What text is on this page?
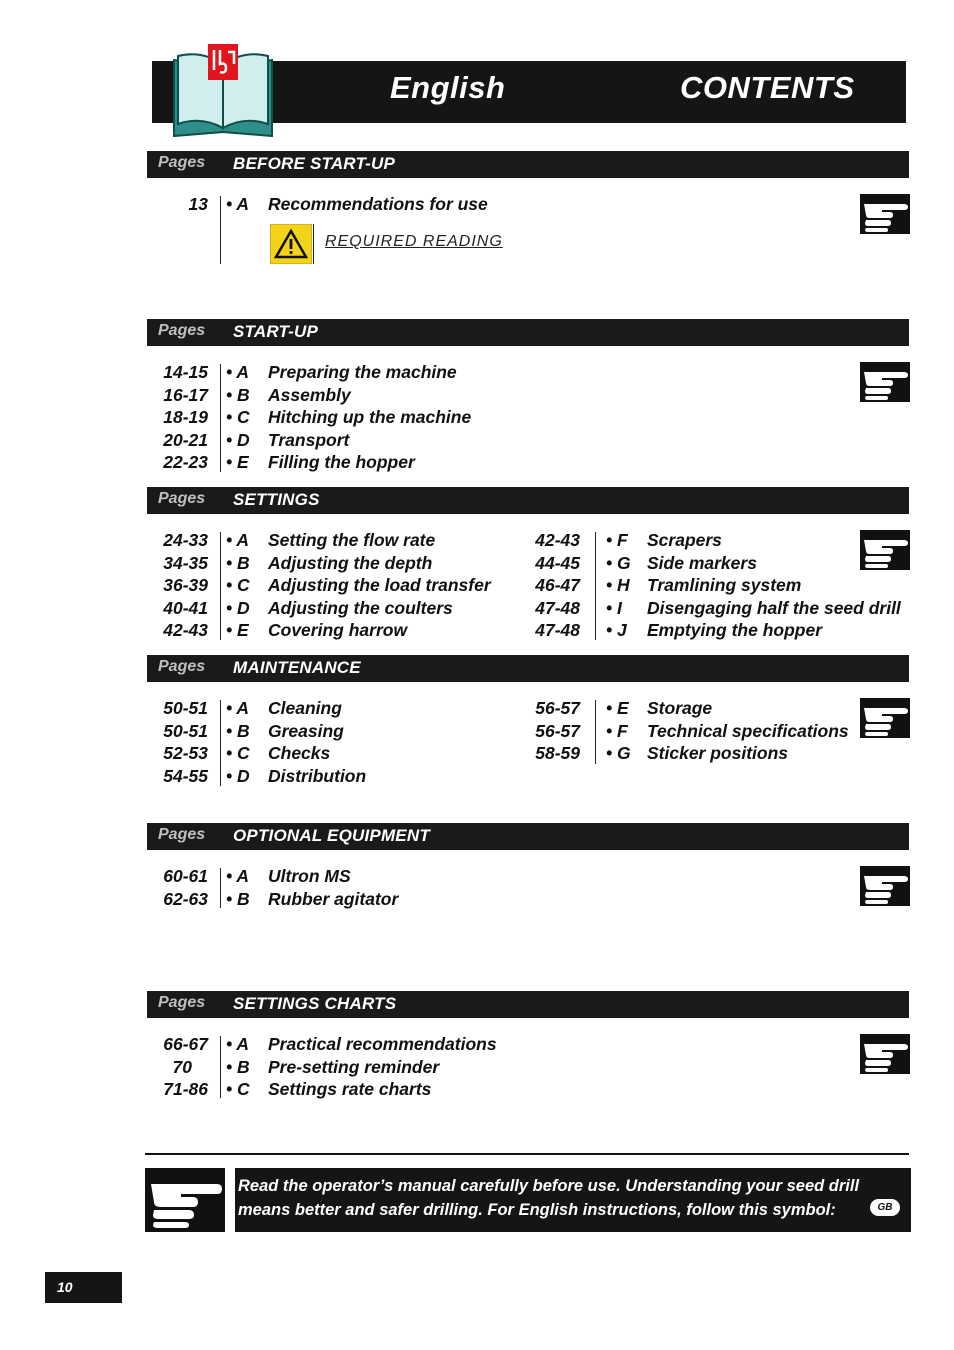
English	CONTENTS
Pages BEFORE START-UP
13 • A Recommendations for use
REQUIRED READING
Pages START-UP
14-15 • A Preparing the machine
16-17 • B Assembly
18-19 • C Hitching up the machine
20-21 • D Transport
22-23 • E Filling the hopper
Pages SETTINGS
24-33 • A Setting the flow rate
34-35 • B Adjusting the depth
36-39 • C Adjusting the load transfer
40-41 • D Adjusting the coulters
42-43 • E Covering harrow
42-43 • F Scrapers
44-45 • G Side markers
46-47 • H Tramlining system
47-48 • I Disengaging half the seed drill
47-48 • J Emptying the hopper
Pages MAINTENANCE
50-51 • A Cleaning
50-51 • B Greasing
52-53 • C Checks
54-55 • D Distribution
56-57 • E Storage
56-57 • F Technical specifications
58-59 • G Sticker positions
Pages OPTIONAL EQUIPMENT
60-61 • A Ultron MS
62-63 • B Rubber agitator
Pages SETTINGS CHARTS
66-67 • A Practical recommendations
70 • B Pre-setting reminder
71-86 • C Settings rate charts
Read the operator’s manual carefully before use. Understanding your seed drill
means better and safer drilling. For English instructions, follow this symbol:	GB
10
